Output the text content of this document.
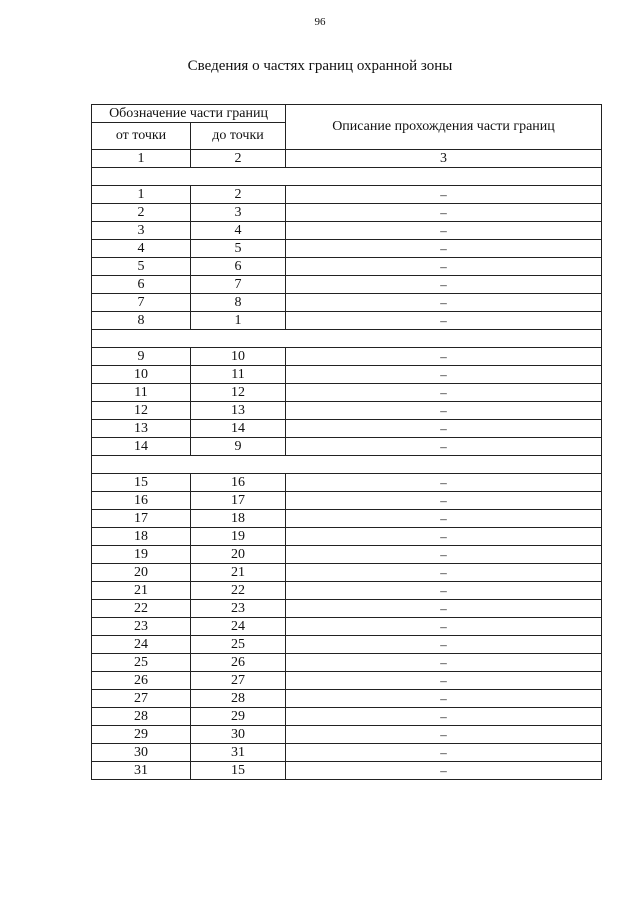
96
Сведения о частях границ охранной зоны
Обозначение части границ		Описание прохождения части границ
от точки	до точки	
1	2	3

1	2	–
2	3	–
3	4	–
4	5	–
5	6	–
6	7	–
7	8	–
8	1	–

9	10	–
10	11	–
11	12	–
12	13	–
13	14	–
14	9	–

15	16	–
16	17	–
17	18	–
18	19	–
19	20	–
20	21	–
21	22	–
22	23	–
23	24	–
24	25	–
25	26	–
26	27	–
27	28	–
28	29	–
29	30	–
30	31	–
31	15	–
